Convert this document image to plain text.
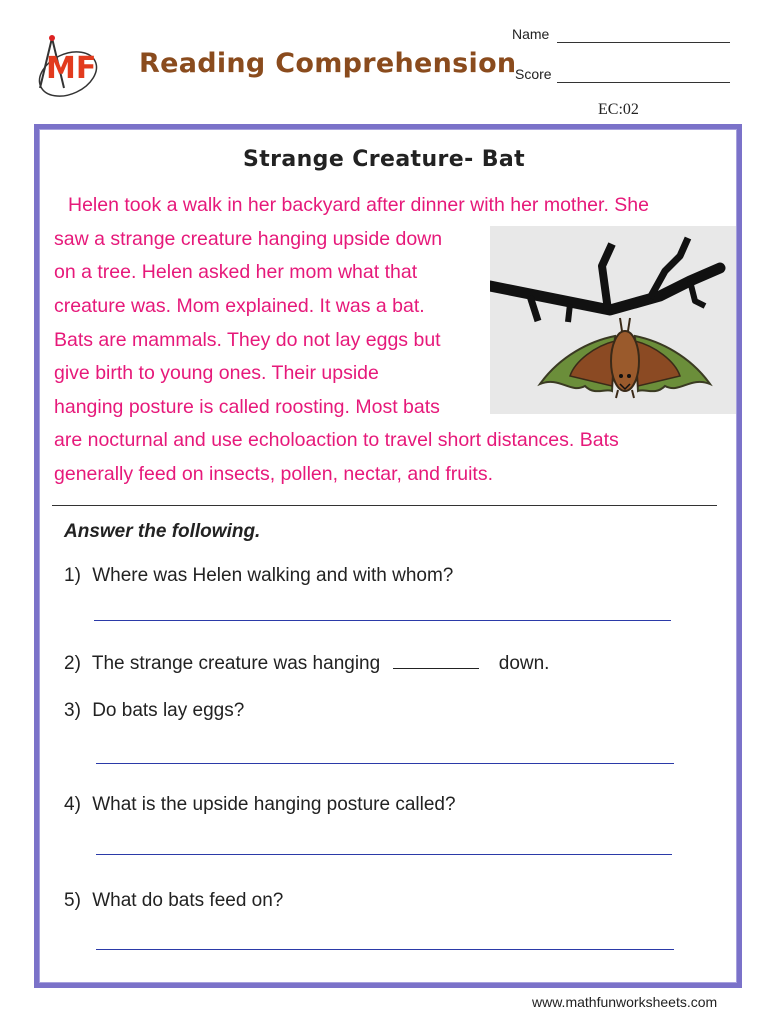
MF Reading Comprehension
Name
Score
EC:02
Strange Creature- Bat
Helen took a walk in her backyard after dinner with her mother. She
saw a strange creature hanging upside down
on a tree. Helen asked her mom what that
creature was. Mom explained. It was a bat.
Bats are mammals. They do not lay eggs but
give birth to young ones. Their upside
hanging posture is called roosting. Most bats
are nocturnal and use echoloaction to travel short distances. Bats
generally feed on insects, pollen, nectar, and fruits.
Answer the following.
1) Where was Helen walking and with whom?
2) The strange creature was hanging	down.
3) Do bats lay eggs?
4) What is the upside hanging posture called?
5) What do bats feed on?
www.mathfunworksheets.com
